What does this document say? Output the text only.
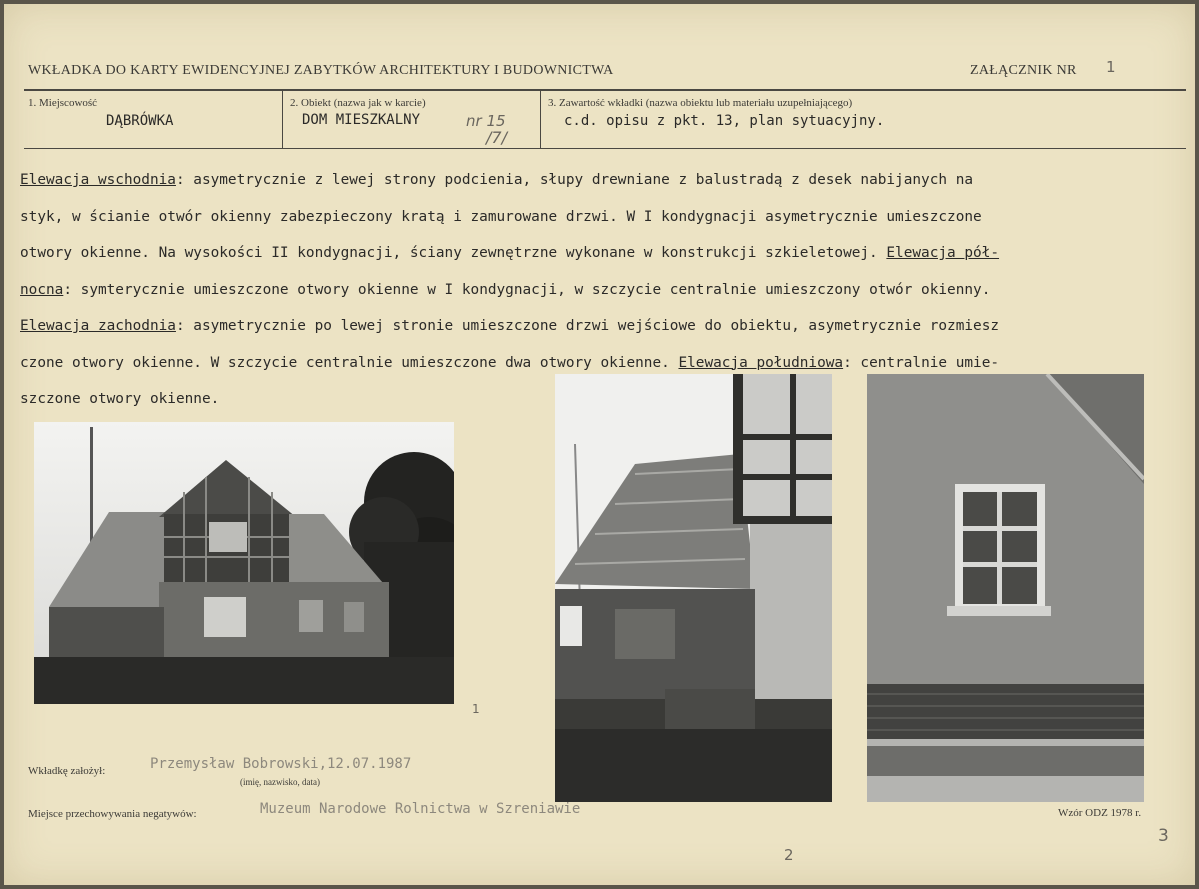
WKŁADKA DO KARTY EWIDENCYJNEJ ZABYTKÓW ARCHITEKTURY I BUDOWNICTWA	ZAŁĄCZNIK NR 1
1. Miejscowość
DĄBRÓWKA
2. Obiekt (nazwa jak w karcie)
DOM MIESZKALNY	nr 15
/7/
3. Zawartość wkładki (nazwa obiektu lub materiału uzupełniającego)
c.d. opisu z pkt. 13, plan sytuacyjny.
Elewacja wschodnia: asymetrycznie z lewej strony podcienia, słupy drewniane z balustradą z desek nabijanych na
styk, w ścianie otwór okienny zabezpieczony kratą i zamurowane drzwi. W I kondygnacji asymetrycznie umieszczone
otwory okienne. Na wysokości II kondygnacji, ściany zewnętrzne wykonane w konstrukcji szkieletowej. Elewacja pół-
nocna: symterycznie umieszczone otwory okienne w I kondygnacji, w szczycie centralnie umieszczony otwór okienny.
Elewacja zachodnia: asymetrycznie po lewej stronie umieszczone drzwi wejściowe do obiektu, asymetrycznie rozmiesz
czone otwory okienne. W szczycie centralnie umieszczone dwa otwory okienne. Elewacja południowa: centralnie umie-
szczone otwory okienne.
1
Wkładkę założył:	Przemysław Bobrowski,12.07.1987
(imię, nazwisko, data)
Miejsce przechowywania negatywów:	Muzeum Narodowe Rolnictwa w Szreniawie	Wzór ODZ 1978 r.
2
3
